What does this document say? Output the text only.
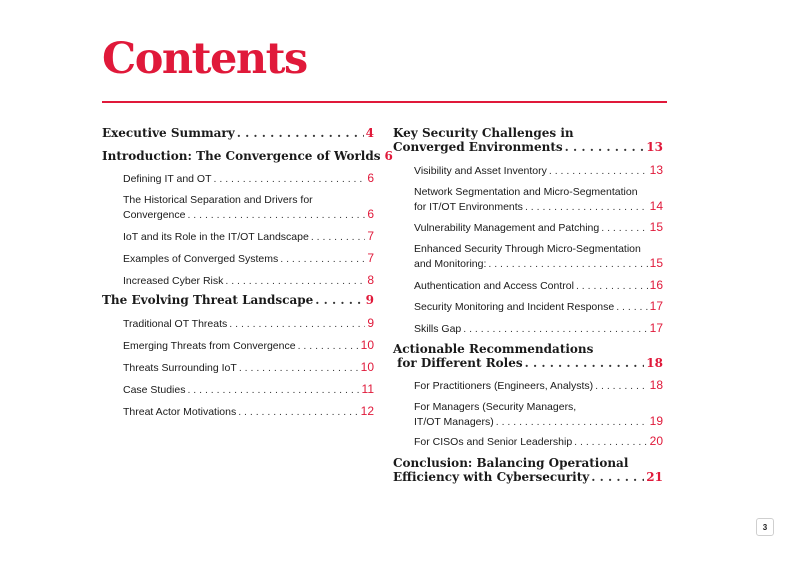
Contents
Executive Summary . . .	4
Introduction: The Convergence of Worlds 6
Defining IT and OT . . .	6
The Historical Separation and Drivers for
Convergence . . .	6
IoT and its Role in the IT/OT Landscape . . .	7
Examples of Converged Systems . . .	7
Increased Cyber Risk . . .	8
The Evolving Threat Landscape . . .	9
Traditional OT Threats . . .	9
Emerging Threats from Convergence . . .	10
Threats Surrounding IoT . . .	10
Case Studies . . .	11
Threat Actor Motivations . . .	12
Key Security Challenges in
Converged Environments . . .	13
Visibility and Asset Inventory . . .	13
Network Segmentation and Micro-Segmentation
for IT/OT Environments . . .	14
Vulnerability Management and Patching . . .	15
Enhanced Security Through Micro-Segmentation
and Monitoring: . . .	15
Authentication and Access Control . . .	16
Security Monitoring and Incident Response . . .	17
Skills Gap . . .	17
Actionable Recommendations
for Different Roles . . .	18
For Practitioners (Engineers, Analysts) . . .	18
For Managers (Security Managers,
IT/OT Managers) . . .	19
For CISOs and Senior Leadership . . .	20
Conclusion: Balancing Operational
Efficiency with Cybersecurity . . .	21
3
